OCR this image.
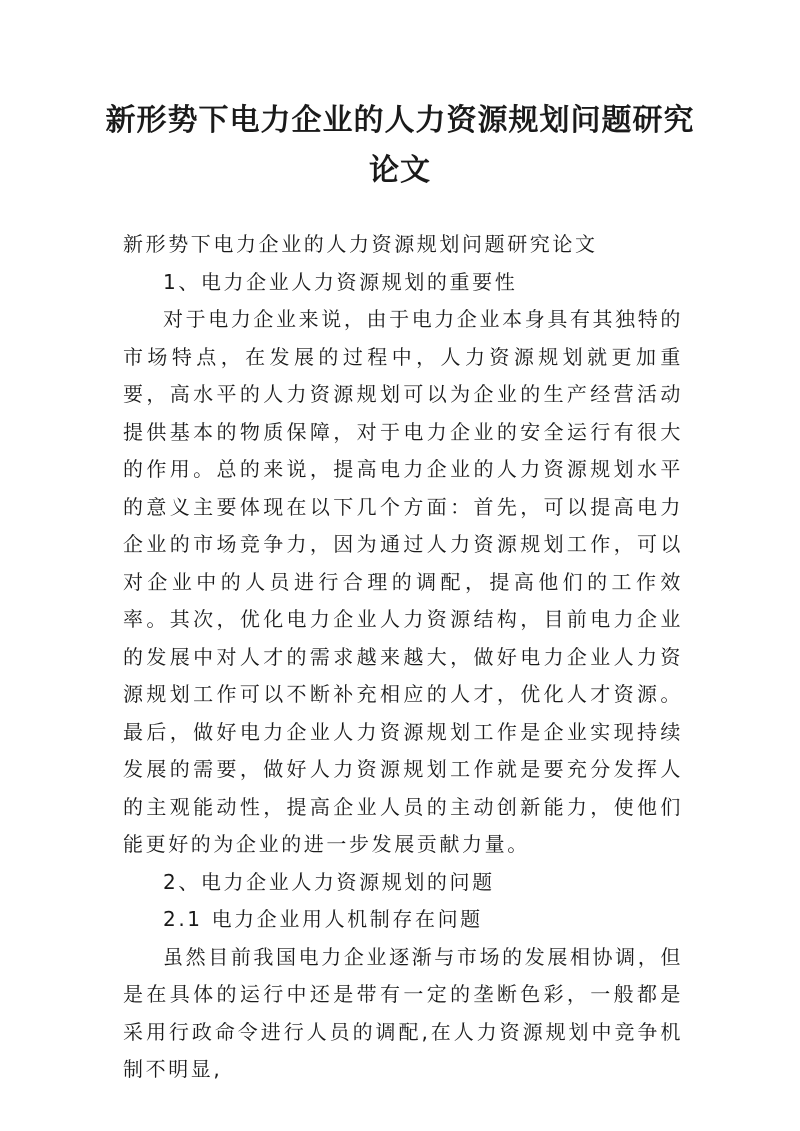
新形势下电力企业的人力资源规划问题研究论文

新形势下电力企业的人力资源规划问题研究论文

1、电力企业人力资源规划的重要性

对于电力企业来说，由于电力企业本身具有其独特的市场特点，在发展的过程中，人力资源规划就更加重要，高水平的人力资源规划可以为企业的生产经营活动提供基本的物质保障，对于电力企业的安全运行有很大的作用。总的来说，提高电力企业的人力资源规划水平的意义主要体现在以下几个方面：首先，可以提高电力企业的市场竞争力，因为通过人力资源规划工作，可以对企业中的人员进行合理的调配，提高他们的工作效率。其次，优化电力企业人力资源结构，目前电力企业的发展中对人才的需求越来越大，做好电力企业人力资源规划工作可以不断补充相应的人才，优化人才资源。最后，做好电力企业人力资源规划工作是企业实现持续发展的需要，做好人力资源规划工作就是要充分发挥人的主观能动性，提高企业人员的主动创新能力，使他们能更好的为企业的进一步发展贡献力量。

2、电力企业人力资源规划的问题

2.1 电力企业用人机制存在问题

虽然目前我国电力企业逐渐与市场的发展相协调，但是在具体的运行中还是带有一定的垄断色彩，一般都是采用行政命令进行人员的调配,在人力资源规划中竞争机制不明显,
